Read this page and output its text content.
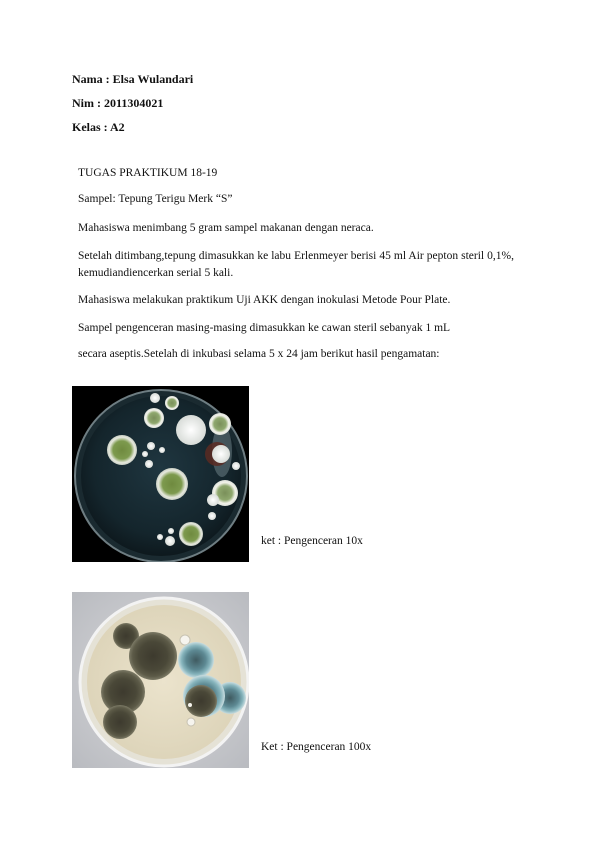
Nama : Elsa Wulandari
Nim : 2011304021
Kelas : A2
TUGAS PRAKTIKUM 18-19
Sampel: Tepung Terigu Merk “S”
Mahasiswa menimbang 5 gram sampel makanan dengan neraca.
Setelah ditimbang,tepung dimasukkan ke labu Erlenmeyer berisi 45 ml Air pepton steril 0,1%, kemudiandiencerkan serial 5 kali.
Mahasiswa melakukan praktikum Uji AKK dengan inokulasi Metode Pour Plate.
Sampel pengenceran masing-masing dimasukkan ke cawan steril sebanyak 1 mL
secara aseptis.Setelah di inkubasi selama 5 x 24 jam berikut hasil pengamatan:
ket : Pengenceran 10x
Ket : Pengenceran 100x
